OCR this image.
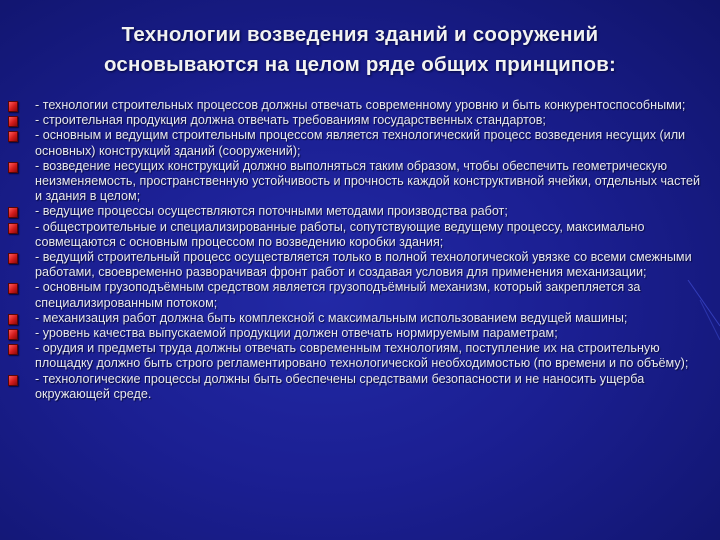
Технологии возведения зданий и сооружений
основываются на целом ряде общих принципов:
- технологии строительных процессов должны отвечать современному уровню и быть конкурентоспособными;
- строительная продукция должна отвечать требованиям государственных стандартов;
- основным и ведущим строительным процессом является технологический процесс возведения несущих (или основных) конструкций зданий (сооружений);
- возведение несущих конструкций должно выполняться таким образом, чтобы обеспечить геометрическую неизменяемость, пространственную устойчивость и прочность каждой конструктивной ячейки, отдельных частей и здания в целом;
- ведущие процессы осуществляются поточными методами производства работ;
- общестроительные и специализированные работы, сопутствующие ведущему процессу, максимально совмещаются с основным процессом по возведению коробки здания;
- ведущий строительный процесс осуществляется только в полной технологической увязке со всеми смежными работами, своевременно разворачивая фронт работ и создавая условия для применения механизации;
- основным грузоподъёмным средством является грузоподъёмный механизм, который закрепляется за специализированным потоком;
- механизация работ должна быть комплексной с максимальным использованием ведущей машины;
- уровень качества выпускаемой продукции должен отвечать нормируемым параметрам;
- орудия и предметы труда должны отвечать современным технологиям, поступление их на строительную площадку должно быть строго регламентировано технологической необходимостью (по времени и по объёму);
- технологические процессы должны быть обеспечены средствами безопасности и не наносить ущерба окружающей среде.
